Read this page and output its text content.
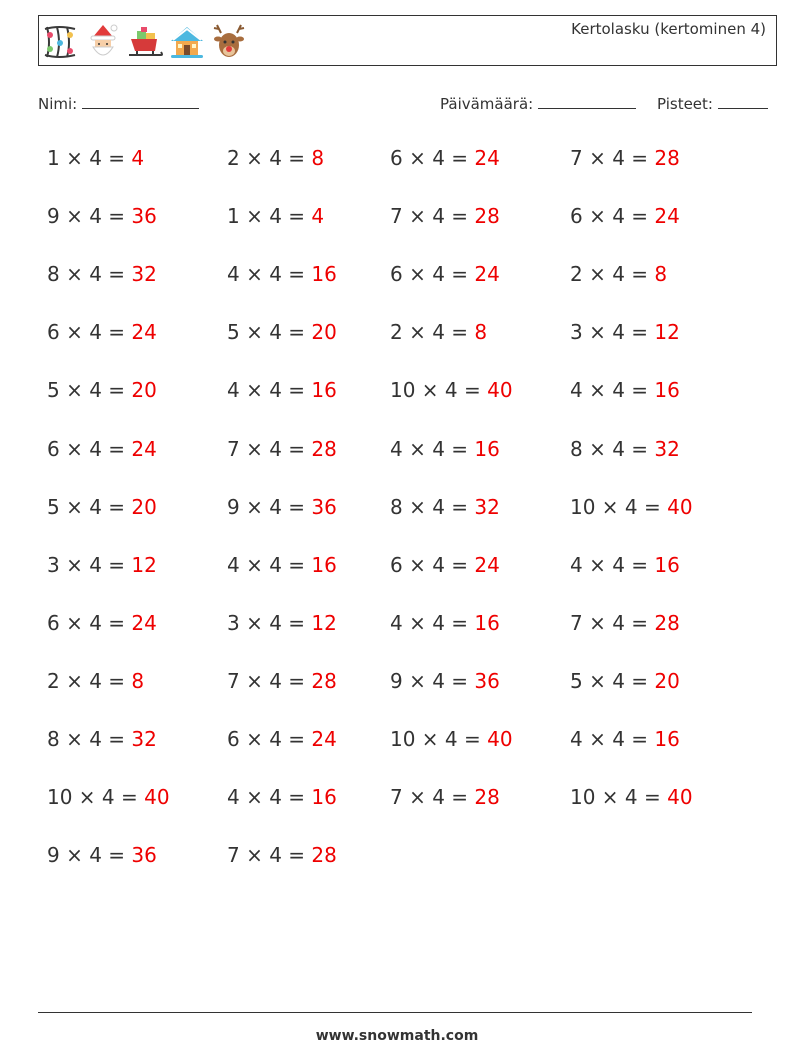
Kertolasku (kertominen 4)
Nimi:	Päivämäärä:	Pisteet:
1 × 4 = 4	2 × 4 = 8	6 × 4 = 24	7 × 4 = 28
9 × 4 = 36	1 × 4 = 4	7 × 4 = 28	6 × 4 = 24
8 × 4 = 32	4 × 4 = 16	6 × 4 = 24	2 × 4 = 8
6 × 4 = 24	5 × 4 = 20	2 × 4 = 8	3 × 4 = 12
5 × 4 = 20	4 × 4 = 16	10 × 4 = 40	4 × 4 = 16
6 × 4 = 24	7 × 4 = 28	4 × 4 = 16	8 × 4 = 32
5 × 4 = 20	9 × 4 = 36	8 × 4 = 32	10 × 4 = 40
3 × 4 = 12	4 × 4 = 16	6 × 4 = 24	4 × 4 = 16
6 × 4 = 24	3 × 4 = 12	4 × 4 = 16	7 × 4 = 28
2 × 4 = 8	7 × 4 = 28	9 × 4 = 36	5 × 4 = 20
8 × 4 = 32	6 × 4 = 24	10 × 4 = 40	4 × 4 = 16
10 × 4 = 40	4 × 4 = 16	7 × 4 = 28	10 × 4 = 40
9 × 4 = 36	7 × 4 = 28
www.snowmath.com
